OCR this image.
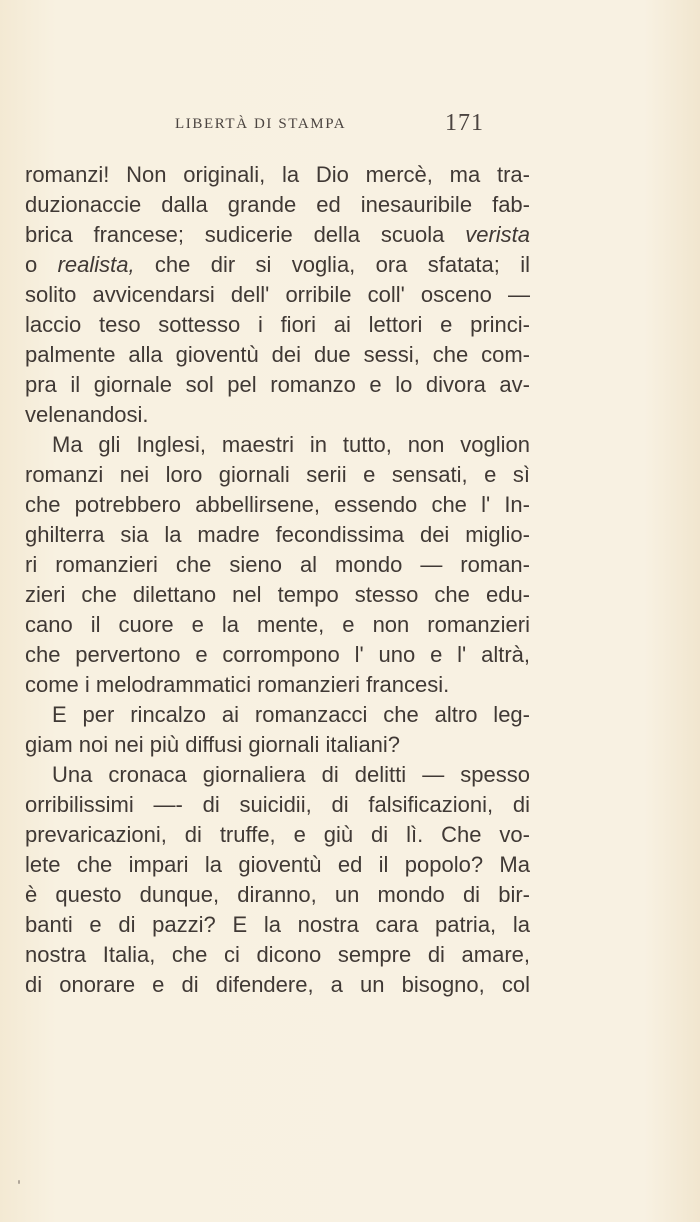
LIBERTÀ DI STAMPA	171
romanzi! Non originali, la Dio mercè, ma tra-
duzionaccie dalla grande ed inesauribile fab-
brica francese; sudicerie della scuola verista
o realista, che dir si voglia, ora sfatata; il
solito avvicendarsi dell' orribile coll' osceno —
laccio teso sottesso i fiori ai lettori e princi-
palmente alla gioventù dei due sessi, che com-
pra il giornale sol pel romanzo e lo divora av-
velenandosi.
Ma gli Inglesi, maestri in tutto, non voglion
romanzi nei loro giornali serii e sensati, e sì
che potrebbero abbellirsene, essendo che l' In-
ghilterra sia la madre fecondissima dei miglio-
ri romanzieri che sieno al mondo — roman-
zieri che dilettano nel tempo stesso che edu-
cano il cuore e la mente, e non romanzieri
che pervertono e corrompono l' uno e l' altrà,
come i melodrammatici romanzieri francesi.
E per rincalzo ai romanzacci che altro leg-
giam noi nei più diffusi giornali italiani?
Una cronaca giornaliera di delitti — spesso
orribilissimi —- di suicidii, di falsificazioni, di
prevaricazioni, di truffe, e giù di lì. Che vo-
lete che impari la gioventù ed il popolo? Ma
è questo dunque, diranno, un mondo di bir-
banti e di pazzi? E la nostra cara patria, la
nostra Italia, che ci dicono sempre di amare,
di onorare e di difendere, a un bisogno, col
